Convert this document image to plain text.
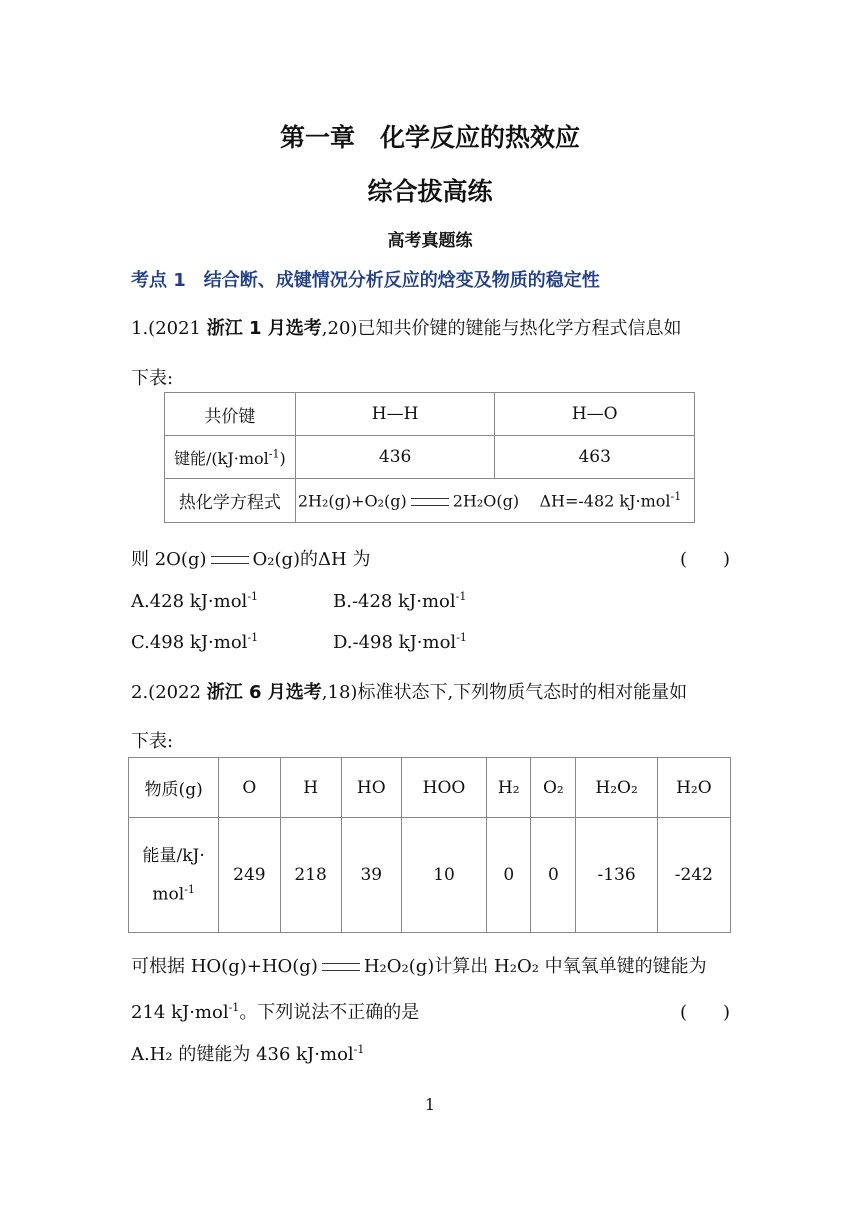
第一章　化学反应的热效应
综合拔高练
高考真题练
考点 1　结合断、成键情况分析反应的焓变及物质的稳定性
1.(2021 浙江 1 月选考,20)已知共价键的键能与热化学方程式信息如
下表:
共价键	H—H	H—O
键能/(kJ·mol$^{-1}$)	436	463
热化学方程式	2H₂(g)+O₂(g) 2H₂O(g) ΔH=-482 kJ·mol$^{-1}$
则 2O(g)	O₂(g)的ΔH 为	(　　)
A.428 kJ·mol$^{-1}$	B.-428 kJ·mol$^{-1}$
C.498 kJ·mol$^{-1}$	D.-498 kJ·mol$^{-1}$
2.(2022 浙江 6 月选考,18)标准状态下,下列物质气态时的相对能量如
下表:
物质(g)	O	H	HO	HOO	H₂	O₂	H₂O₂	H₂O
能量/kJ·
mol$^{-1}$	249	218	39	10	0	0	-136	-242
可根据 HO(g)+HO(g)	H₂O₂(g)计算出 H₂O₂ 中氧氧单键的键能为
214 kJ·mol$^{-1}$。下列说法不正确的是	(　　)
A.H₂ 的键能为 436 kJ·mol$^{-1}$
1
